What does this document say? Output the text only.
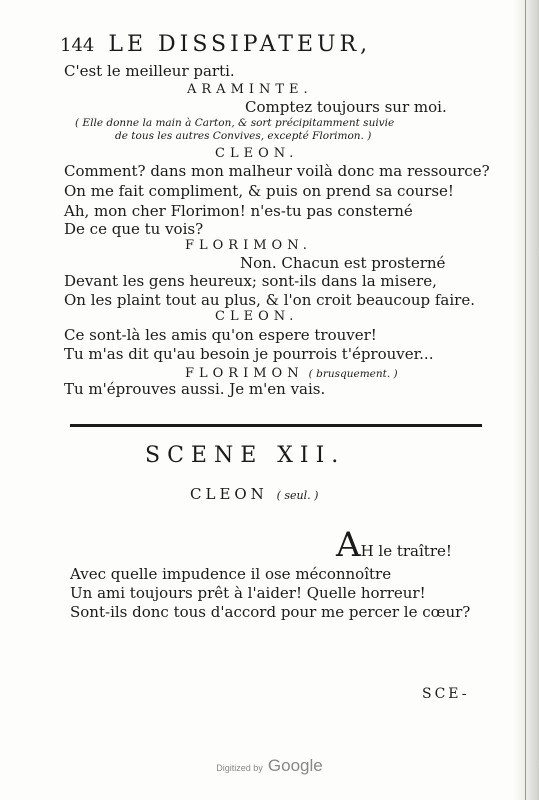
144 LE DISSIPATEUR,
C'est le meilleur parti.
ARAMINTE.
Comptez toujours sur moi.
( Elle donne la main à Carton, & sort précipitamment suivie
de tous les autres Convives, excepté Florimon. )
CLEON.
Comment? dans mon malheur voilà donc ma ressource?
On me fait compliment, & puis on prend sa course!
Ah, mon cher Florimon! n'es-tu pas consterné
De ce que tu vois?
FLORIMON.
Non. Chacun est prosterné
Devant les gens heureux; sont-ils dans la misere,
On les plaint tout au plus, & l'on croit beaucoup faire.
CLEON.
Ce sont-là les amis qu'on espere trouver!
Tu m'as dit qu'au besoin je pourrois t'éprouver...
FLORIMON ( brusquement. )
Tu m'éprouves aussi. Je m'en vais.
SCENE XII.
CLEON ( seul. )
AH le traître!
Avec quelle impudence il ose méconnoître
Un ami toujours prêt à l'aider! Quelle horreur!
Sont-ils donc tous d'accord pour me percer le cœur?
SCE-
Digitized by Google
